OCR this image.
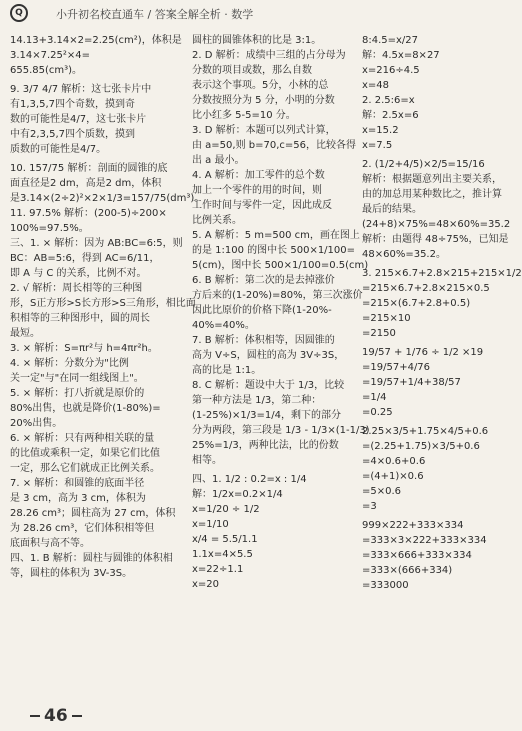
Q	小升初名校直通车 / 答案全解全析 · 数学
14.13+3.14×2=2.25(cm²)，体积是
3.14×7.25²×4=
655.85(cm³)。
9. 3/7 4/7 解析：这七张卡片中
有1,3,5,7四个奇数，摸到奇
数的可能性是4/7，这七张卡片
中有2,3,5,7四个质数，摸到
质数的可能性是4/7。
10. 157/75 解析：剖面的圆锥的底
面直径是2 dm，高是2 dm，体积
是3.14×(2÷2)²×2×1/3=157/75(dm³)。
11. 97.5% 解析：(200-5)÷200×
100%=97.5%。
三、1. × 解析：因为 AB:BC=6:5，则
BC：AB=5:6，得到 AC=6/11，
即 A 与 C 的关系，比例不对。
2. √ 解析：周长相等的三种图
形，S正方形>S长方形>S三角形，相比面
积相等的三种图形中，圆的周长
最短。
3. × 解析：S=πr²与 h=4πr²h。
4. × 解析：分数分为"比例
关一定"与"在同一组线图上"。
5. × 解析：打八折就是原价的
80%出售，也就是降价(1-80%)=
20%出售。
6. × 解析：只有两种相关联的量
的比值或乘积一定，如果它们比值
一定，那么它们就成正比例关系。
7. × 解析：和圆锥的底面半径
是 3 cm，高为 3 cm，体积为
28.26 cm³；圆柱高为 27 cm，体积
为 28.26 cm³，它们体积相等但
底面积与高不等。
四、1. B 解析：圆柱与圆锥的体积相
等，圆柱的体积为 3V-3S。
圆柱的圆锥体积的比是 3:1。
2. D 解析：成绩中三组的占分母为
分数的项目或数，那么自数
表示这个事项。5分，小林的总
分数按照分为 5 分，小明的分数
比小红多 5-5=10 分。
3. D 解析：本题可以列式计算，
由 a=50,则 b=70,c=56，比较各得
出 a 最小。
4. A 解析：加工零件的总个数
加上一个零件的用的时间，则
工作时间与零件一定，因此成反
比例关系。
5. A 解析：5 m=500 cm，画在图上
的是 1:100 的图中长 500×1/100=
5(cm)，图中长 500×1/100=0.5(cm)
6. B 解析：第二次的是去掉涨价
方后来的(1-20%)=80%，第三次涨价
因此比原价的价格下降(1-20%-
40%=40%。
7. B 解析：体积相等，因圆锥的
高为 V÷S，圆柱的高为 3V÷3S，
高的比是 1:1。
8. C 解析：题设中大于 1/3，比较
第一种方法是 1/3，第二种：
(1-25%)×1/3=1/4，剩下的部分
分为两段，第三段是 1/3 - 1/3×(1-1/3)
25%=1/3，两种比法，比的份数
相等。
四、1. 1/2 : 0.2=x : 1/4
解：1/2x=0.2×1/4
x=1/20 ÷ 1/2
x=1/10
x/4 = 5.5/1.1
1.1x=4×5.5
x=22÷1.1
x=20
8:4.5=x/27
解：4.5x=8×27
x=216÷4.5
x=48
2. 2.5:6=x
解：2.5x=6
x=15.2
x=7.5
2. (1/2+4/5)×2/5=15/16
解析：根据题意列出主要关系，
由的加总用某种数比之，推计算
最后的结果。
(24+8)×75%=48×60%=35.2
解析：由题得 48÷75%，已知是
48×60%=35.2。
3. 215×6.7+2.8×215+215×1/2
=215×6.7+2.8×215×0.5
=215×(6.7+2.8+0.5)
=215×10
=2150
19/57 + 1/76 ÷ 1/2 ×19
=19/57+4/76
=19/57+1/4+38/57
=1/4
=0.25
2.25×3/5+1.75×4/5+0.6
=(2.25+1.75)×3/5+0.6
=4×0.6+0.6
=(4+1)×0.6
=5×0.6
=3
999×222+333×334
=333×3×222+333×334
=333×666+333×334
=333×(666+334)
=333000
46
